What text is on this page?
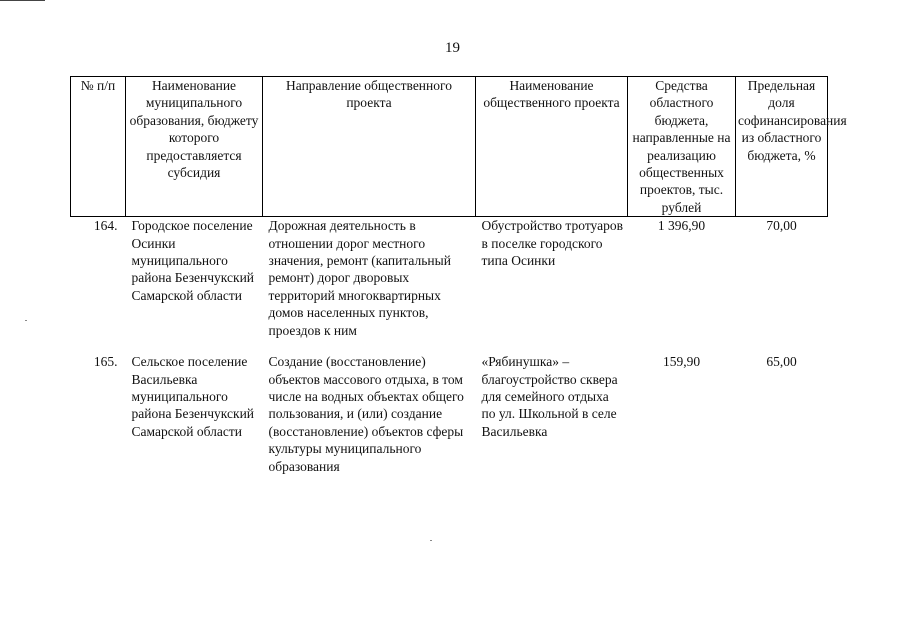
19
№ п/п	Наименование муниципального образования, бюджету которого предоставляется субсидия	Направление общественного проекта	Наименование общественного проекта	Средства областного бюджета, направленные на реализацию общественных проектов, тыс. рублей	Предельная доля софинансирования из областного бюджета, %
164.	Городское поселение Осинки муниципального района Безенчукский Самарской области	Дорожная деятельность в отношении дорог местного значения, ремонт (капитальный ремонт) дорог дворовых территорий многоквартирных домов населенных пунктов, проездов к ним	Обустройство тротуаров в поселке городского типа Осинки	1 396,90	70,00
165.	Сельское поселение Васильевка муниципального района Безенчукский Самарской области	Создание (восстановление) объектов массового отдыха, в том числе на водных объектах общего пользования, и (или) создание (восстановление) объектов сферы культуры муниципального образования	«Рябинушка» – благоустройство сквера для семейного отдыха по ул. Школьной в селе Васильевка	159,90	65,00
